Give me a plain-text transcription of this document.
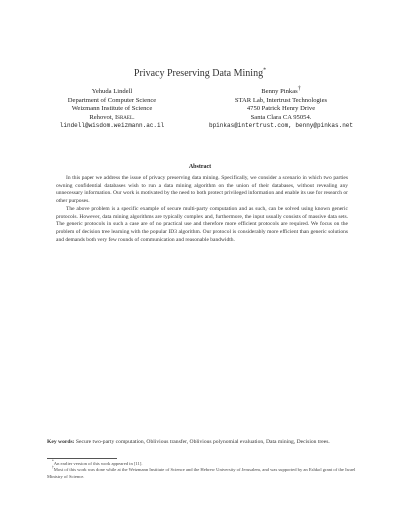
Privacy Preserving Data Mining*
Yehuda Lindell
Department of Computer Science
Weizmann Institute of Science
Rehovot, Israel.
lindell@wisdom.weizmann.ac.il
Benny Pinkas†
STAR Lab, Intertrust Technologies
4750 Patrick Henry Drive
Santa Clara CA 95054.
bpinkas@intertrust.com, benny@pinkas.net
Abstract

In this paper we address the issue of privacy preserving data mining. Specifically, we consider a scenario in which two parties owning confidential databases wish to run a data mining algorithm on the union of their databases, without revealing any unnecessary information. Our work is motivated by the need to both protect privileged information and enable its use for research or other purposes.

The above problem is a specific example of secure multi-party computation and as such, can be solved using known generic protocols. However, data mining algorithms are typically complex and, furthermore, the input usually consists of massive data sets. The generic protocols in such a case are of no practical use and therefore more efficient protocols are required. We focus on the problem of decision tree learning with the popular ID3 algorithm. Our protocol is considerably more efficient than generic solutions and demands both very few rounds of communication and reasonable bandwidth.

Key words: Secure two-party computation, Oblivious transfer, Oblivious polynomial evaluation, Data mining, Decision trees.

*An earlier version of this work appeared in [11].

†Most of this work was done while at the Weizmann Institute of Science and the Hebrew University of Jerusalem, and was supported by an Eshkol grant of the Israel Ministry of Science.
